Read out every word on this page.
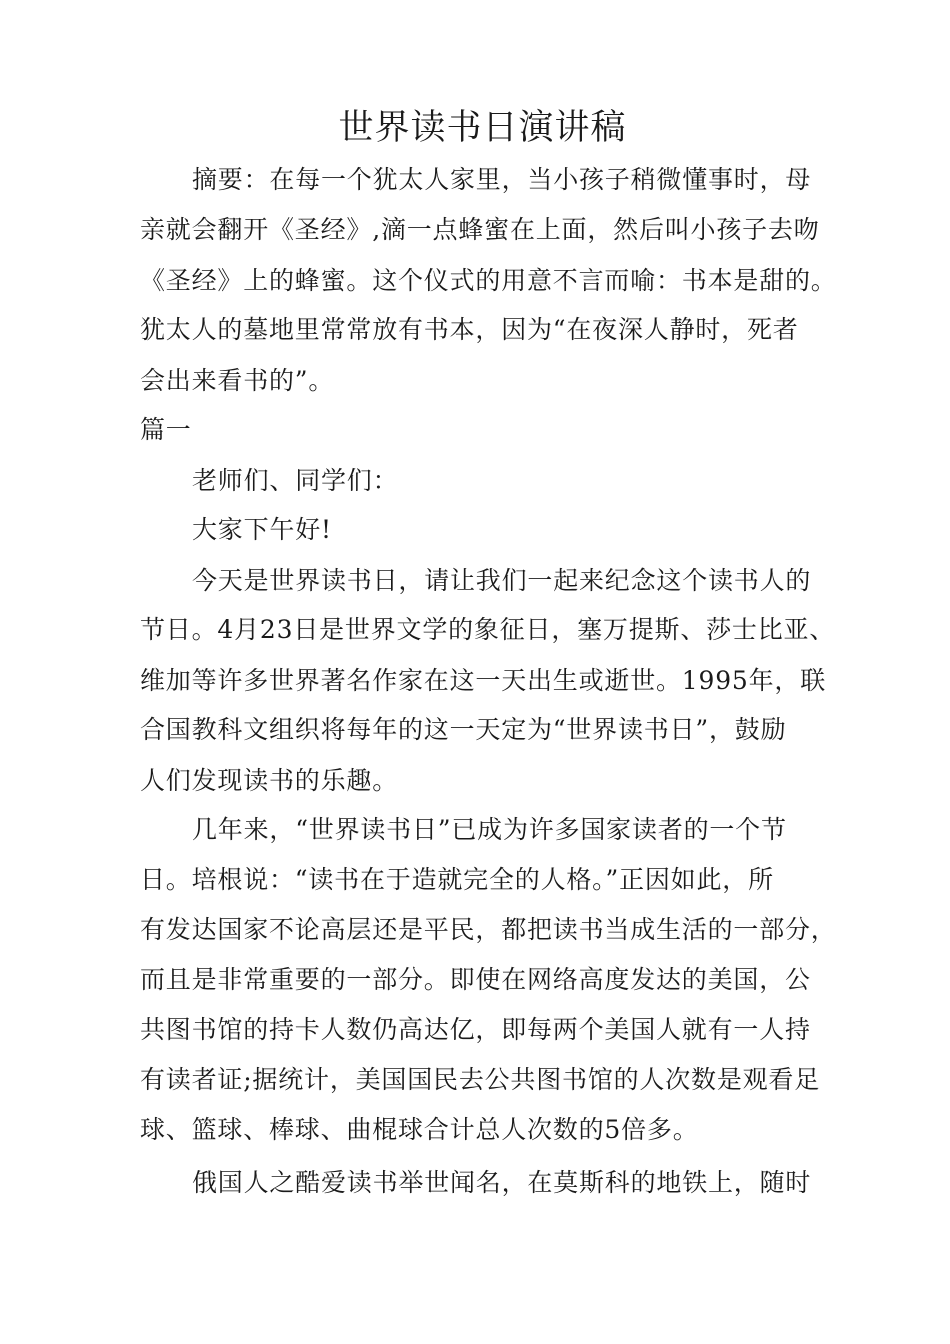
世界读书日演讲稿
摘要：在每一个犹太人家里，当小孩子稍微懂事时，母
亲就会翻开《圣经》,滴一点蜂蜜在上面，然后叫小孩子去吻
《圣经》上的蜂蜜。这个仪式的用意不言而喻：书本是甜的。
犹太人的墓地里常常放有书本，因为“在夜深人静时，死者
会出来看书的”。
篇一
老师们、同学们：
大家下午好!
今天是世界读书日，请让我们一起来纪念这个读书人的
节日。4月23日是世界文学的象征日，塞万提斯、莎士比亚、
维加等许多世界著名作家在这一天出生或逝世。1995年，联
合国教科文组织将每年的这一天定为“世界读书日”，鼓励
人们发现读书的乐趣。
几年来，“世界读书日”已成为许多国家读者的一个节
日。培根说：“读书在于造就完全的人格。”正因如此，所
有发达国家不论高层还是平民，都把读书当成生活的一部分，
而且是非常重要的一部分。即使在网络高度发达的美国，公
共图书馆的持卡人数仍高达亿，即每两个美国人就有一人持
有读者证;据统计，美国国民去公共图书馆的人次数是观看足
球、篮球、棒球、曲棍球合计总人次数的5倍多。
俄国人之酷爱读书举世闻名，在莫斯科的地铁上，随时
